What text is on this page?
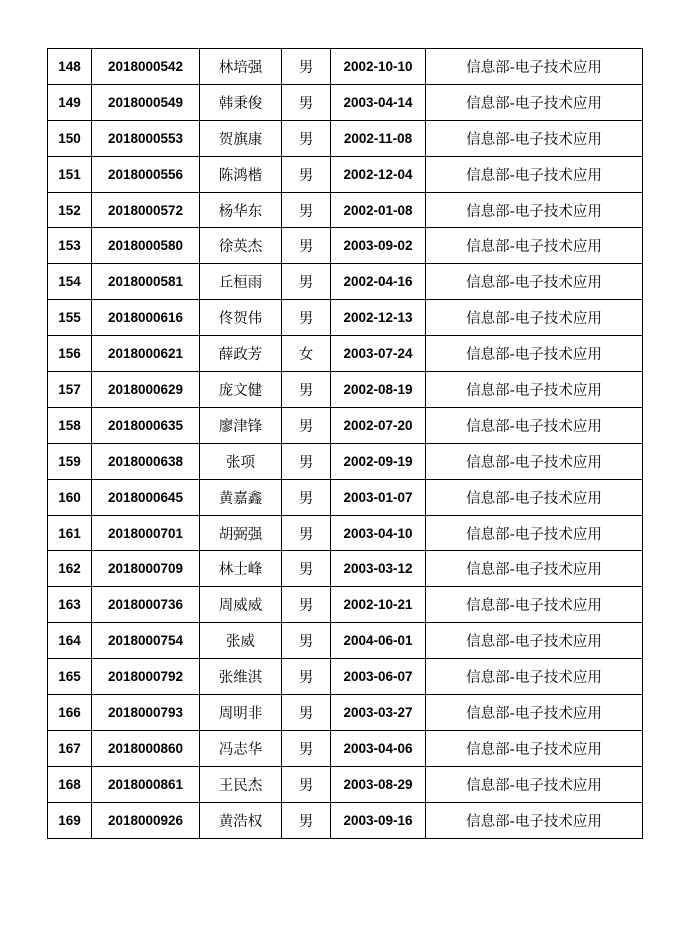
148	2018000542	林培强	男	2002-10-10	信息部-电子技术应用
149	2018000549	韩秉俊	男	2003-04-14	信息部-电子技术应用
150	2018000553	贺旗康	男	2002-11-08	信息部-电子技术应用
151	2018000556	陈鸿楷	男	2002-12-04	信息部-电子技术应用
152	2018000572	杨华东	男	2002-01-08	信息部-电子技术应用
153	2018000580	徐英杰	男	2003-09-02	信息部-电子技术应用
154	2018000581	丘桓雨	男	2002-04-16	信息部-电子技术应用
155	2018000616	佟贺伟	男	2002-12-13	信息部-电子技术应用
156	2018000621	薛政芳	女	2003-07-24	信息部-电子技术应用
157	2018000629	庞文健	男	2002-08-19	信息部-电子技术应用
158	2018000635	廖津锋	男	2002-07-20	信息部-电子技术应用
159	2018000638	张项	男	2002-09-19	信息部-电子技术应用
160	2018000645	黄嘉鑫	男	2003-01-07	信息部-电子技术应用
161	2018000701	胡弼强	男	2003-04-10	信息部-电子技术应用
162	2018000709	林士峰	男	2003-03-12	信息部-电子技术应用
163	2018000736	周威威	男	2002-10-21	信息部-电子技术应用
164	2018000754	张威	男	2004-06-01	信息部-电子技术应用
165	2018000792	张维淇	男	2003-06-07	信息部-电子技术应用
166	2018000793	周明非	男	2003-03-27	信息部-电子技术应用
167	2018000860	冯志华	男	2003-04-06	信息部-电子技术应用
168	2018000861	王民杰	男	2003-08-29	信息部-电子技术应用
169	2018000926	黄浩权	男	2003-09-16	信息部-电子技术应用
